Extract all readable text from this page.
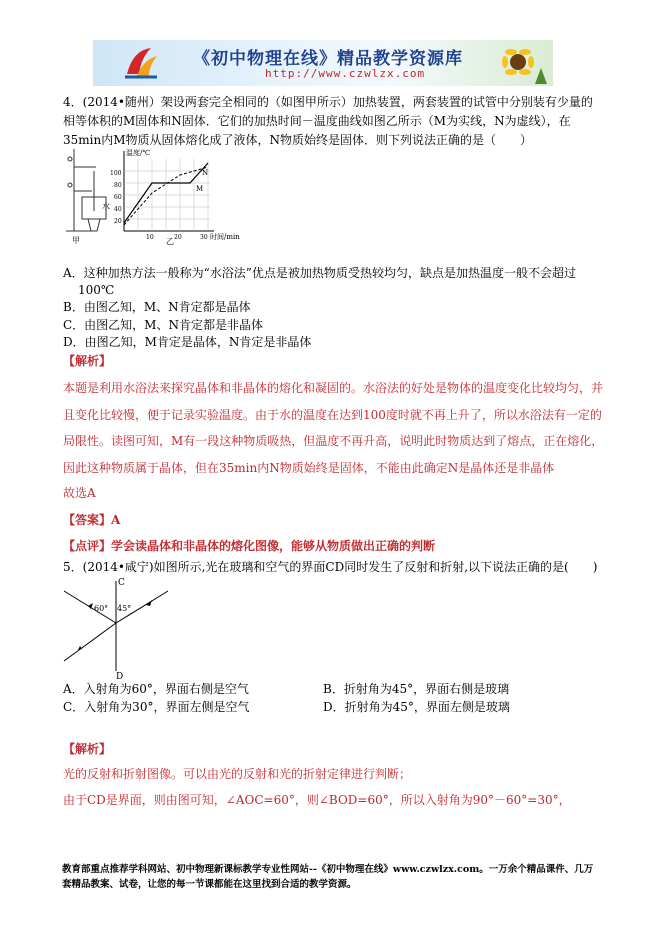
《初中物理在线》精品教学资源库
http://www.czwlzx.com
4．(2014•随州）架设两套完全相同的（如图甲所示）加热装置，两套装置的试管中分别装有少量的相等体积的M固体和N固体．它们的加热时间－温度曲线如图乙所示（M为实线，N为虚线），在35min内M物质从固体熔化成了液体，N物质始终是固体．则下列说法正确的是（　　）
水
甲
温度/℃
100
80
60
40
20
10	20	30 时间/min
N
M
乙
A．这种加热方法一般称为“水浴法”优点是被加热物质受热较均匀，缺点是加热温度一般不会超过
100℃
B．由图乙知，M、N肯定都是晶体
C．由图乙知，M、N肯定都是非晶体
D．由图乙知，M肯定是晶体，N肯定是非晶体
【解析】
本题是利用水浴法来探究晶体和非晶体的熔化和凝固的。水浴法的好处是物体的温度变化比较均匀，并
且变化比较慢，便于记录实验温度。由于水的温度在达到100度时就不再上升了，所以水浴法有一定的
局限性。读图可知，M有一段这种物质吸热，但温度不再升高，说明此时物质达到了熔点，正在熔化，
因此这种物质属于晶体，但在35min内N物质始终是固体，不能由此确定N是晶体还是非晶体
故选A
【答案】A
【点评】学会读晶体和非晶体的熔化图像，能够从物质做出正确的判断
5．(2014•咸宁)如图所示,光在玻璃和空气的界面CD同时发生了反射和折射,以下说法正确的是(　　)
C
D
60° 45°
A．入射角为60°，界面右侧是空气	B．折射角为45°，界面右侧是玻璃
C．入射角为30°，界面左侧是空气	D．折射角为45°，界面左侧是玻璃
【解析】
光的反射和折射图像。可以由光的反射和光的折射定律进行判断；
由于CD是界面，则由图可知，∠AOC=60°，则∠BOD=60°，所以入射角为90°－60°=30°，
教育部重点推荐学科网站、初中物理新课标教学专业性网站--《初中物理在线》www.czwlzx.com。一万余个精品课件、几万套精品教案、试卷，让您的每一节课都能在这里找到合适的教学资源。
